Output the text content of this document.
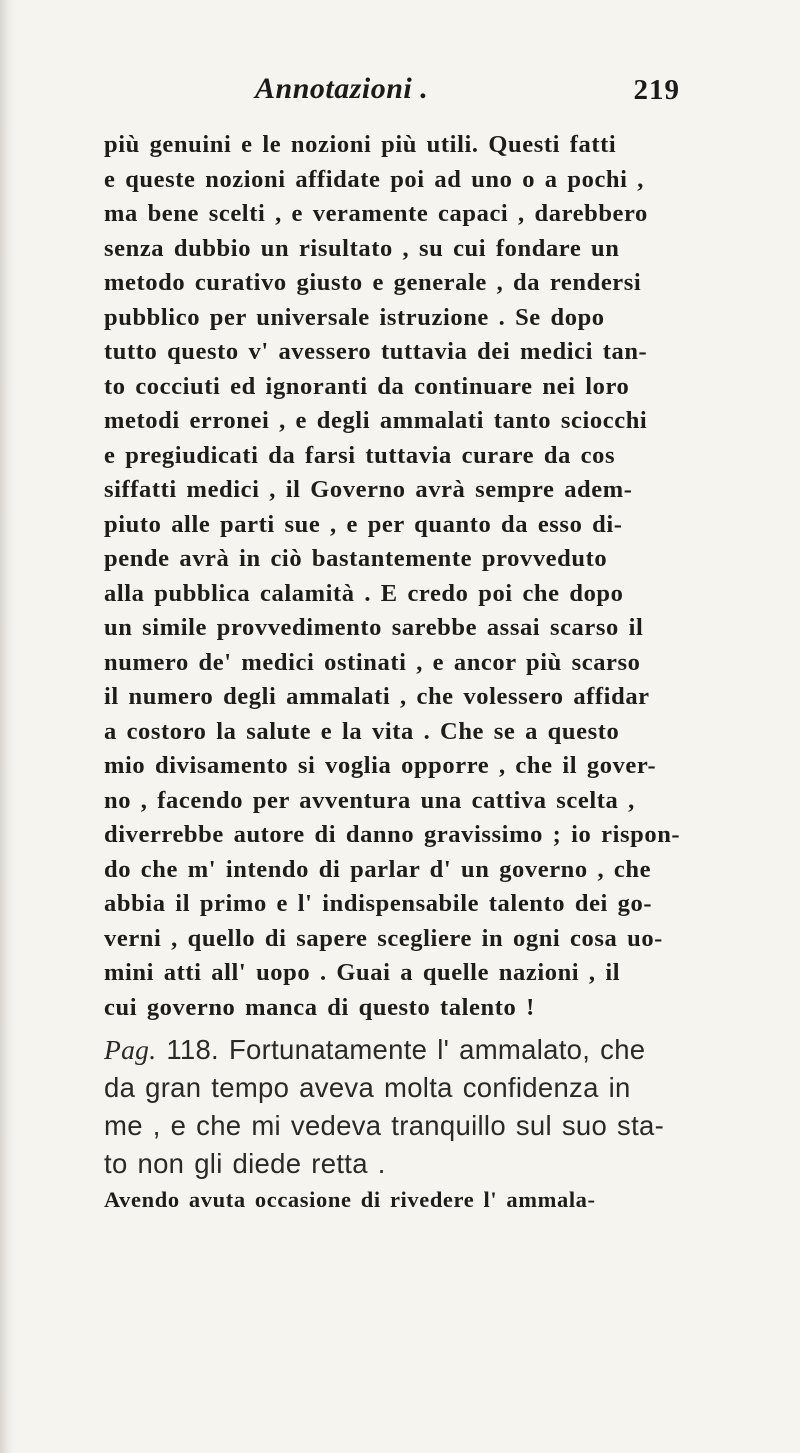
Annotazioni .	219
più genuini e le nozioni più utili. Questi fatti
e queste nozioni affidate poi ad uno o a pochi ,
ma bene scelti , e veramente capaci , darebbero
senza dubbio un risultato , su cui fondare un
metodo curativo giusto e generale , da rendersi
pubblico per universale istruzione . Se dopo
tutto questo v' avessero tuttavia dei medici tan-
to cocciuti ed ignoranti da continuare nei loro
metodi erronei , e degli ammalati tanto sciocchi
e pregiudicati da farsi tuttavia curare da cos
siffatti medici , il Governo avrà sempre adem-
piuto alle parti sue , e per quanto da esso di-
pende avrà in ciò bastantemente provveduto
alla pubblica calamità . E credo poi che dopo
un simile provvedimento sarebbe assai scarso il
numero de' medici ostinati , e ancor più scarso
il numero degli ammalati , che volessero affidar
a costoro la salute e la vita . Che se a questo
mio divisamento si voglia opporre , che il gover-
no , facendo per avventura una cattiva scelta ,
diverrebbe autore di danno gravissimo ; io rispon-
do che m' intendo di parlar d' un governo , che
abbia il primo e l' indispensabile talento dei go-
verni , quello di sapere scegliere in ogni cosa uo-
mini atti all' uopo . Guai a quelle nazioni , il
cui governo manca di questo talento !
Pag. 118. Fortunatamente l' ammalato, che
da gran tempo aveva molta confidenza in
me , e che mi vedeva tranquillo sul suo sta-
to non gli diede retta .
Avendo avuta occasione di rivedere l' ammala-
